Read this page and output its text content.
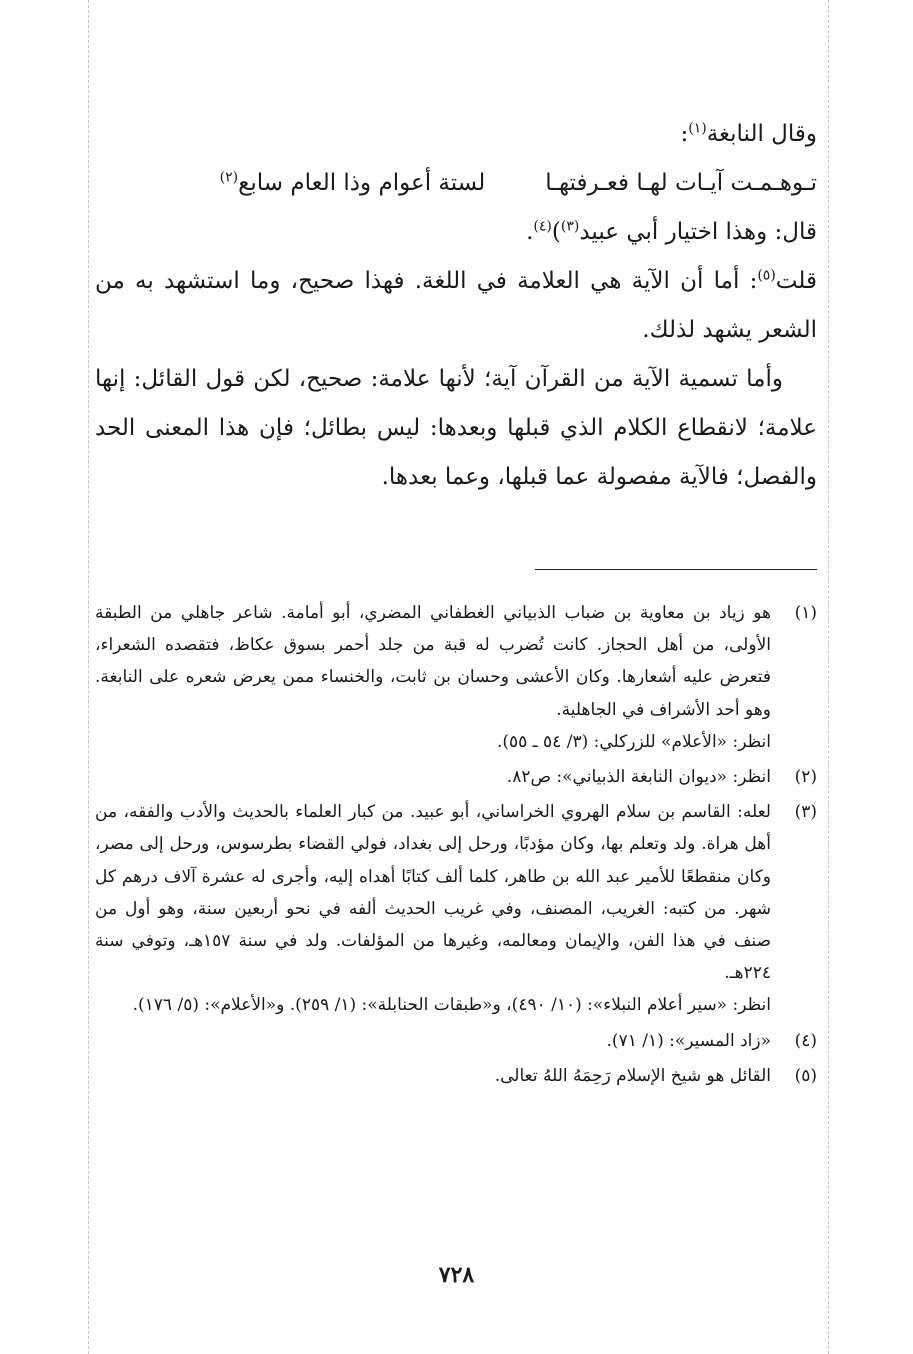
وقال النابغة$^{(١)}$:

تـوهـمـت آيـات لهـا فعـرفتهـا
لستة أعوام وذا العام سابع$^{(٢)}$

قال: وهذا اختيار أبي عبيد$^{(٣)}$)$^{(٤)}$.

قلت$^{(٥)}$: أما أن الآية هي العلامة في اللغة. فهذا صحيح، وما استشهد به من الشعر يشهد لذلك.

وأما تسمية الآية من القرآن آية؛ لأنها علامة: صحيح، لكن قول القائل: إنها علامة؛ لانقطاع الكلام الذي قبلها وبعدها: ليس بطائل؛ فإن هذا المعنى الحد والفصل؛ فالآية مفصولة عما قبلها، وعما بعدها.

(١)
هو زياد بن معاوية بن ضباب الذبياني الغطفاني المضري، أبو أمامة. شاعر جاهلي من الطبقة الأولى، من أهل الحجاز. كانت تُضرب له قبة من جلد أحمر بسوق عكاظ، فتقصده الشعراء، فتعرض عليه أشعارها. وكان الأعشى وحسان بن ثابت، والخنساء ممن يعرض شعره على النابغة. وهو أحد الأشراف في الجاهلية.
انظر: «الأعلام» للزركلي: (٣/ ٥٤ ـ ٥٥).
(٢)
انظر: «ديوان النابغة الذبياني»: ص٨٢.
(٣)
لعله: القاسم بن سلام الهروي الخراساني، أبو عبيد. من كبار العلماء بالحديث والأدب والفقه، من أهل هراة. ولد وتعلم بها، وكان مؤدبًا، ورحل إلى بغداد، فولي القضاء بطرسوس، ورحل إلى مصر، وكان منقطعًا للأمير عبد الله بن طاهر، كلما ألف كتابًا أهداه إليه، وأجرى له عشرة آلاف درهم كل شهر. من كتبه: الغريب، المصنف، وفي غريب الحديث ألفه في نحو أربعين سنة، وهو أول من صنف في هذا الفن، والإيمان ومعالمه، وغيرها من المؤلفات. ولد في سنة ١٥٧هـ، وتوفي سنة ٢٢٤هـ.
انظر: «سير أعلام النبلاء»: (١٠/ ٤٩٠)، و«طبقات الحنابلة»: (١/ ٢٥٩). و«الأعلام»: (٥/ ١٧٦).
(٤)
«زاد المسير»: (١/ ٧١).
(٥)
القائل هو شيخ الإسلام رَحِمَهُ اللهُ تعالى.
٧٢٨
